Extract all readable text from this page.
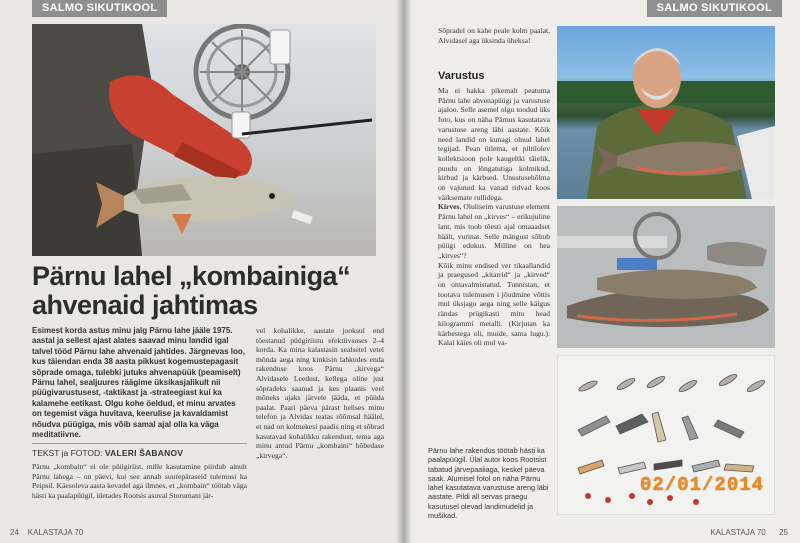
SALMO SIKUTIKOOL
Pärnu lahel „kombainiga“ ahvenaid jahtimas
Esimest korda astus minu jalg Pärnu lahe jääle 1975. aastal ja sellest ajast alates saavad minu landid igal talvel tööd Pärnu lahe ahvenaid jahtides. Järgnevas loo, kus täiendan enda 38 aasta pikkust kogemustepagasit sõprade omaga, tulebki jutuks ahvenapüük (peamiselt) Pärnu lahel, sealjuures räägime üksikasjalikult nii püügivarustusest, -taktikast ja -strateegiast kui ka kalamehe eetikast. Olgu kohe öeldud, et minu arvates on tegemist väga huvitava, keerulise ja kavaldamist nõudva püügiga, mis võib samal ajal olla ka väga meditatiivne.
TEKST ja FOTOD: VALERI ŠABANOV
Pärnu „kombain“ ei ole püügiriist, mille kasutamine piirdub ainult Pärnu lahega – on päevi, kui see annab suurepäraseid tulemusi ka Peipsil. Käesoleva aasta kevadel aga ilmnes, et „kombain“ töötab väga hästi ka paalapüügil, ületades Rootsis asuval Storumani jär-
vel kohalikke, aastate jooksul end tõestanud püügiriistu efektiivsuses 2–4 korda. Ka mina kalastasin sealsetel vetel mõnda aega ning kinkisin lahkudes enda rakenduse koos Pärnu „kirvega“ Alvidasele Leedust, kellega oline just sõpradeks saanud ja kes plaanis veel mõneks ajaks järvele jääda, et püüda paalat. Paari päeva pärast helises minu telefon ja Alvidas teatas rõõmsal häälel, et nad on kolmekesi paadis ning et sõbrad kasutavad kohalikku rakendust, tema aga minu antud Pärnu „kombaini“ hõbedase „kirvega“.
24 KALASTAJA 70
SALMO SIKUTIKOOL
KALASTAJA 70 25
Sõpradel on kahe peale kolm paalat, Alvidasel aga üksinda üheksa!
Varustus
Ma ei hakka pikemalt peatuma Pärnu lahe ahvenapüügi ja varustuse ajaloo. Selle asemel olgu toodud üks foto, kus on näha Pärnus kasutatava varustuse areng läbi aastate. Kõik need landid on kunagi olnud lahel tegijad. Pean ütlema, et piltilolev kollektsioon pole kaugeltki täielik, puudu on lõngatutiga kolmikud, kirbud ja kärbsed. Unustusehõlma on vajunud ka vanad ridvad koos väiksemate rullidega.
Kirves. Oluliseim varustuse element Pärnu lahel on „kirves“ – erikujuline lant, mis toob tõesti ajal omaaadset häält, vurinat. Selle mängust sõltub püügi edukus. Milline on hea „kirves“?
Kõik minu endised ver tikaallandid ja praegused „kitarrid“ ja „kirved“ on omavalmistatud. Tunnistan, et tootava tulemusen i jõudmine võttis mul üksjagu aega ning selle käigus rändas prügikasti mitu head kilogrammi metalli. (Kirjutan ka kärbestega oli, muide, sama lugu.). Kalal käies oli mul va-
Pärnu lahe rakendus töötab hästi ka paalapüügil. Ülal autor koos Rootsist tabatud järvepaaliaga, keskel päeva saak. Alumisel fotol on näha Pärnu lahel kasutatava varustuse areng läbi aastate. Pildi all servas praegu kasutusel olevad landimudelid ja mušikad.
02/01/2014
